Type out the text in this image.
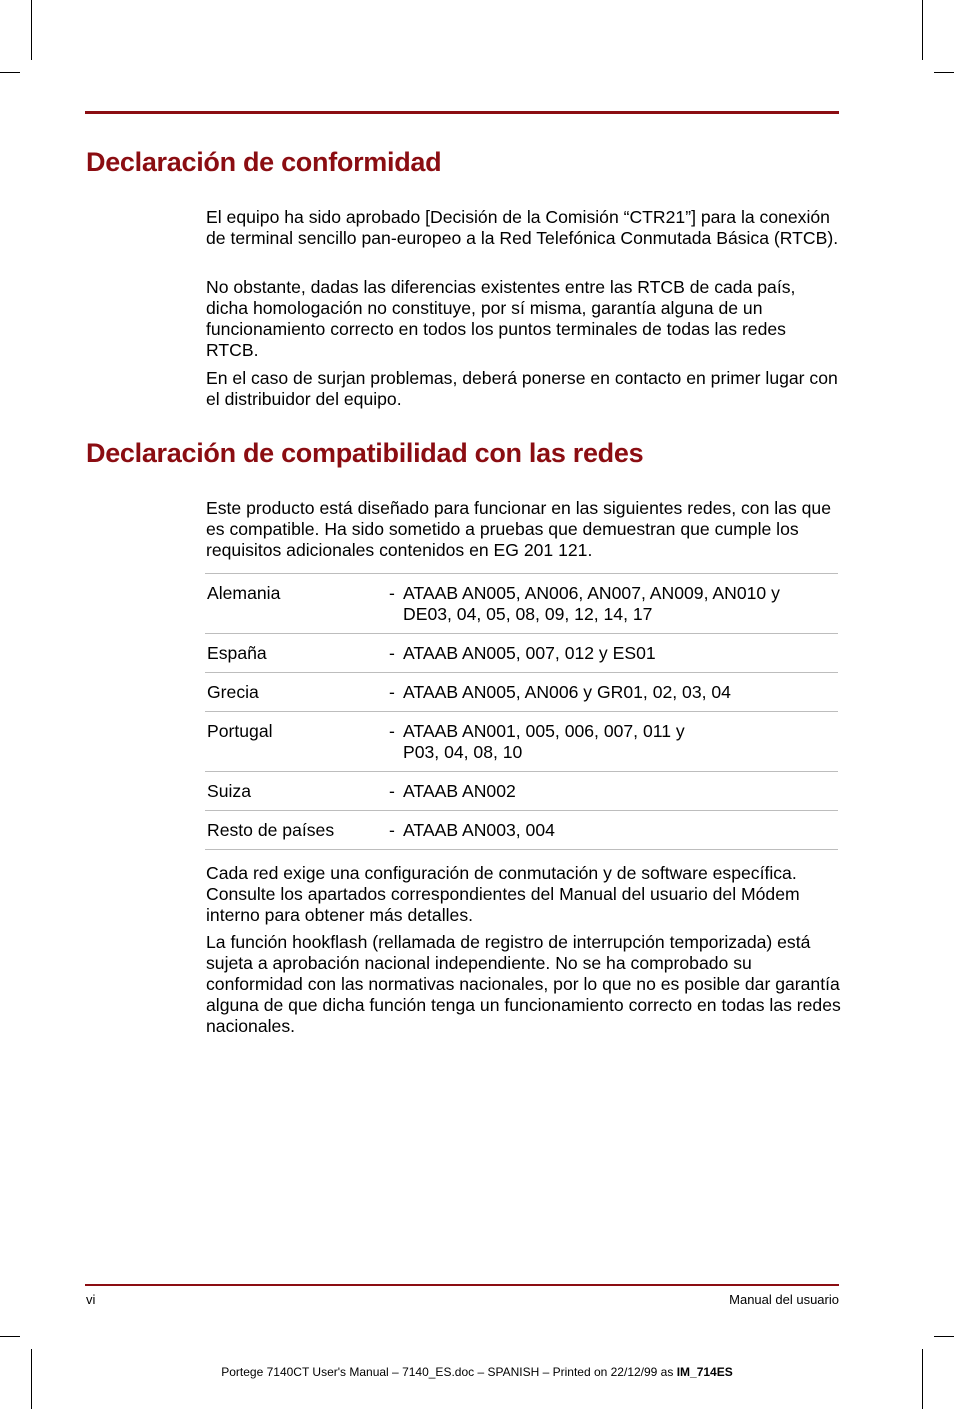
Declaración de conformidad

El equipo ha sido aprobado [Decisión de la Comisión “CTR21”] para la conexión de terminal sencillo pan-europeo a la Red Telefónica Conmutada Básica (RTCB).

No obstante, dadas las diferencias existentes entre las RTCB de cada país, dicha homologación no constituye, por sí misma, garantía alguna de un funcionamiento correcto en todos los puntos terminales de todas las redes RTCB.

En el caso de surjan problemas, deberá ponerse en contacto en primer lugar con el distribuidor del equipo.

Declaración de compatibilidad con las redes

Este producto está diseñado para funcionar en las siguientes redes, con las que es compatible. Ha sido sometido a pruebas que demuestran que cumple los requisitos adicionales contenidos en EG 201 121.

Alemania	-	ATAAB AN005, AN006, AN007, AN009, AN010 y
DE03, 04, 05, 08, 09, 12, 14, 17
España	-	ATAAB AN005, 007, 012 y ES01
Grecia	-	ATAAB AN005, AN006 y GR01, 02, 03, 04
Portugal	-	ATAAB AN001, 005, 006, 007, 011 y
P03, 04, 08, 10
Suiza	-	ATAAB AN002
Resto de países	-	ATAAB AN003, 004

Cada red exige una configuración de conmutación y de software específica. Consulte los apartados correspondientes del Manual del usuario del Módem interno para obtener más detalles.

La función hookflash (rellamada de registro de interrupción temporizada) está sujeta a aprobación nacional independiente. No se ha comprobado su conformidad con las normativas nacionales, por lo que no es posible dar garantía alguna de que dicha función tenga un funcionamiento correcto en todas las redes nacionales.

vi	Manual del usuario
Portege 7140CT User's Manual – 7140_ES.doc – SPANISH – Printed on 22/12/99 as IM_714ES
